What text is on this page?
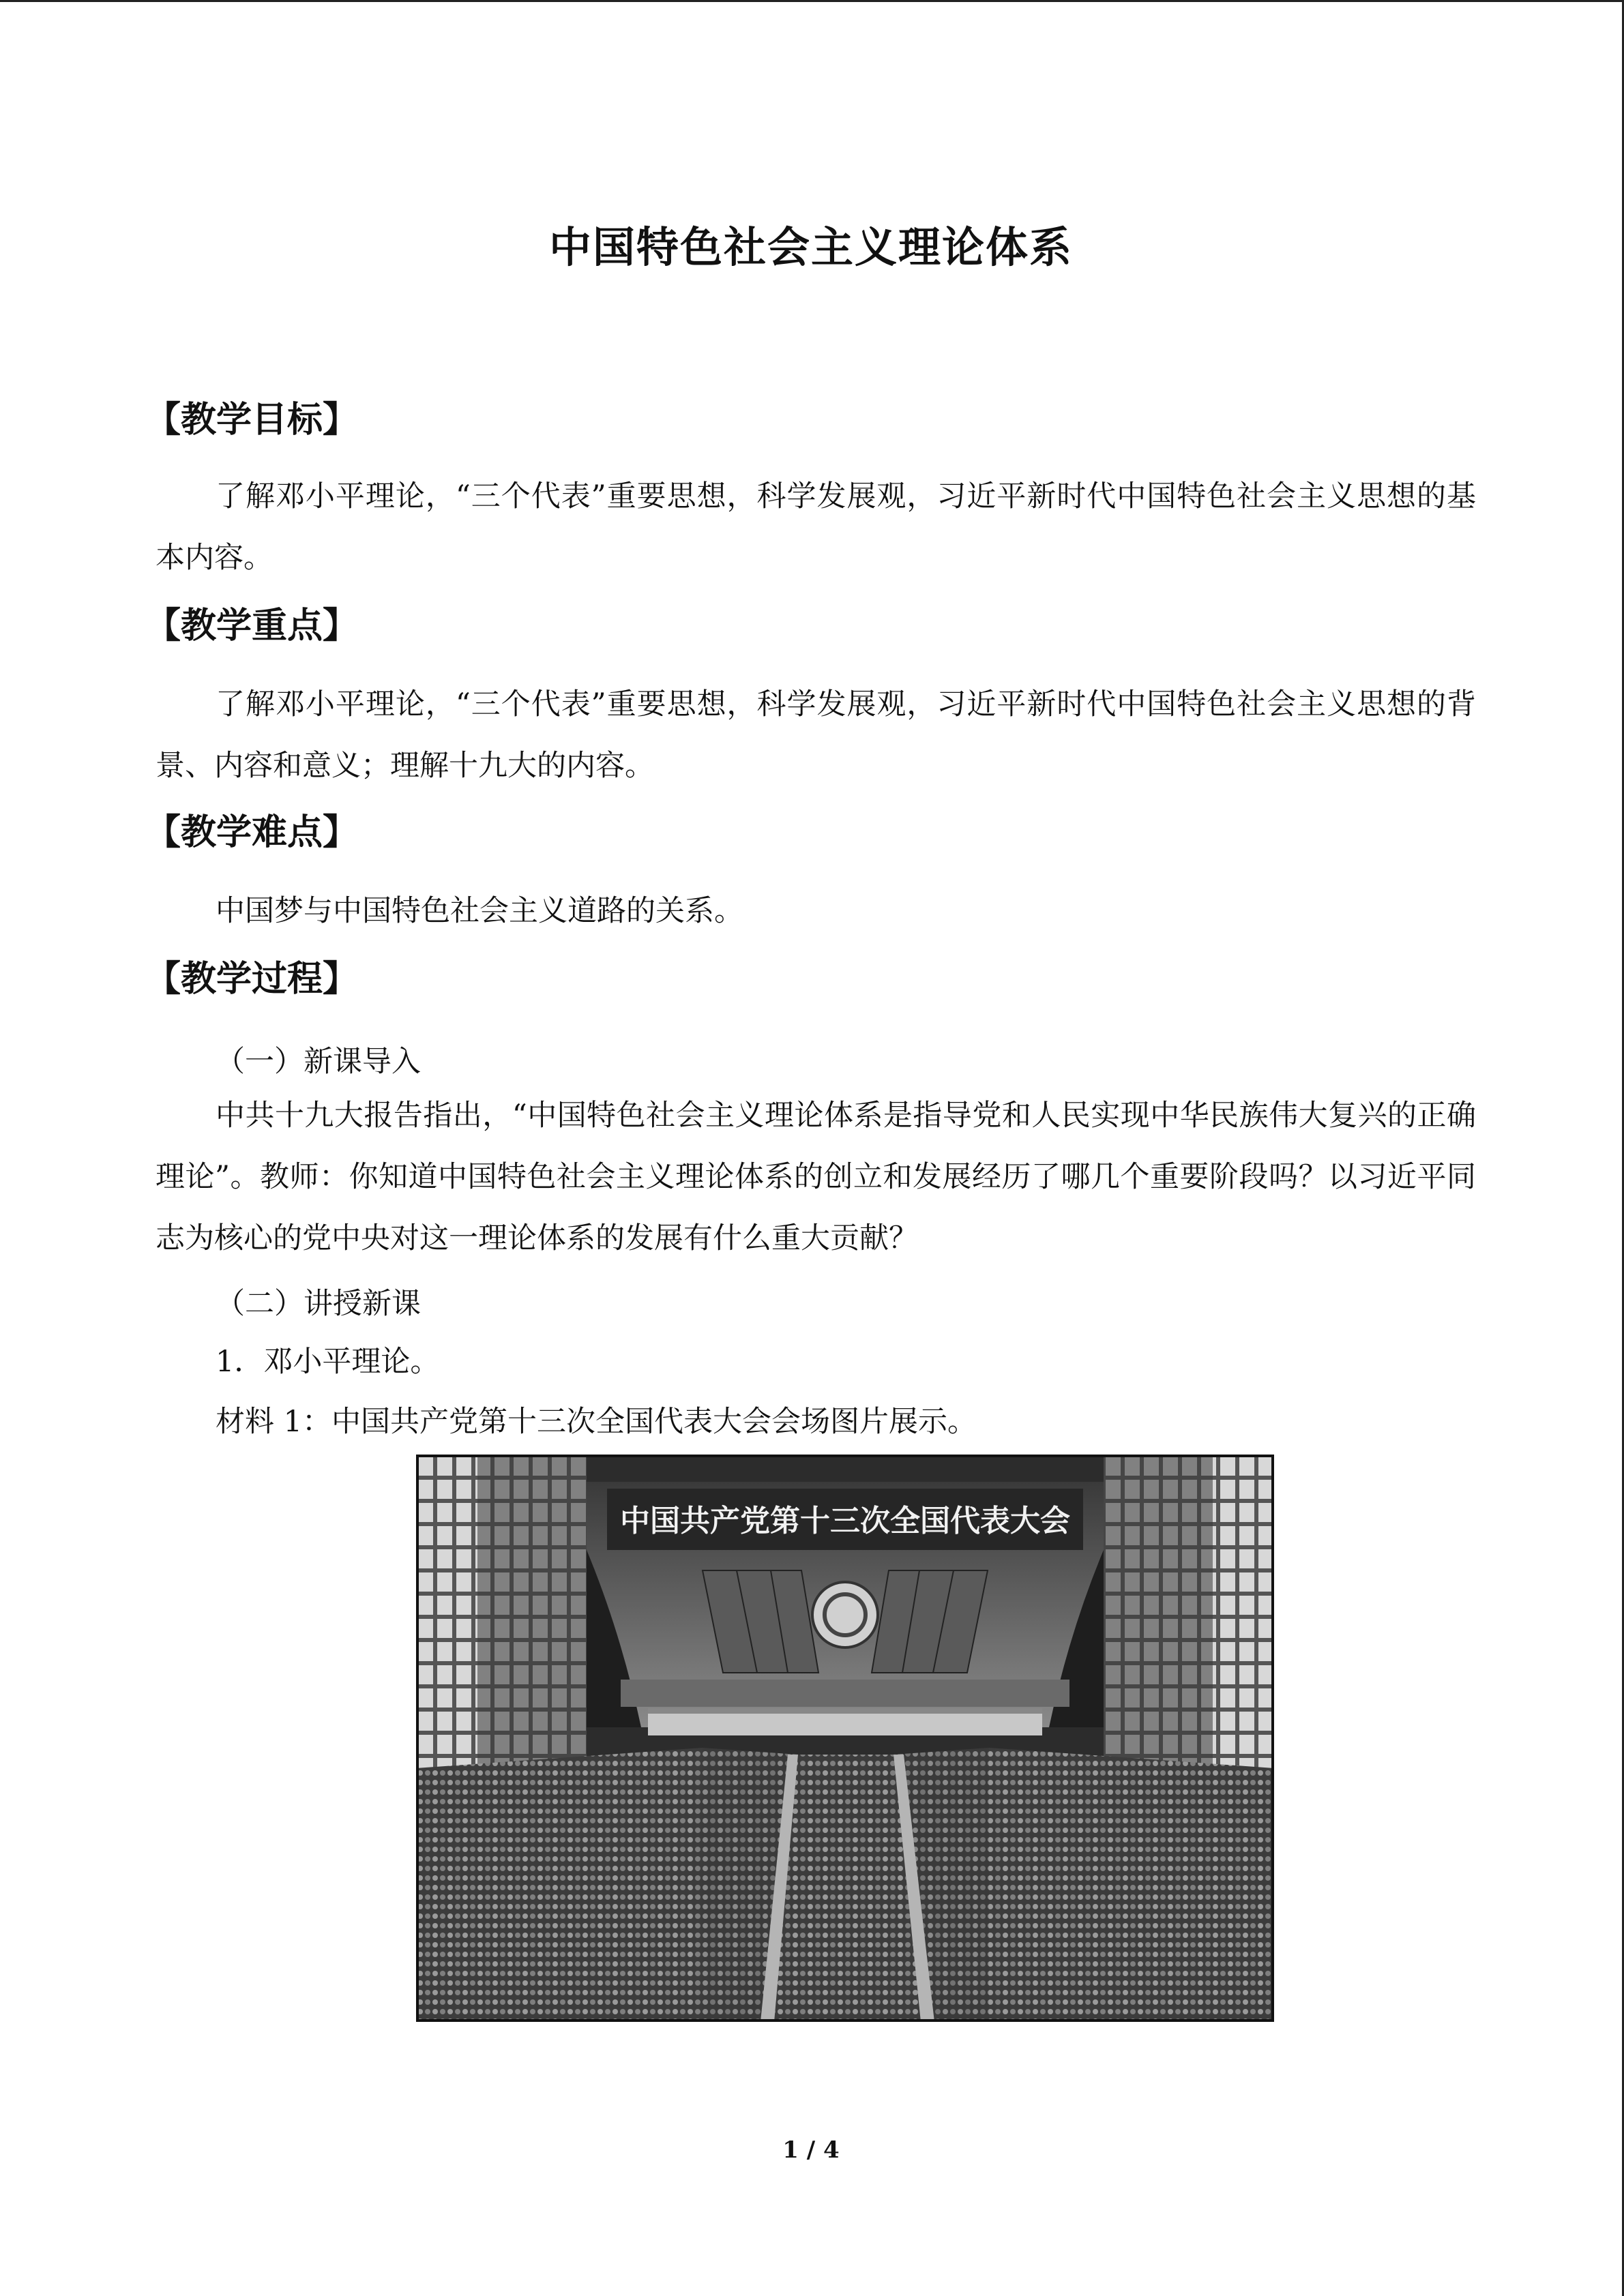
中国特色社会主义理论体系
【教学目标】
了解邓小平理论，“三个代表”重要思想，科学发展观，习近平新时代中国特色社会主义思想的基本内容。
【教学重点】
了解邓小平理论，“三个代表”重要思想，科学发展观，习近平新时代中国特色社会主义思想的背景、内容和意义；理解十九大的内容。
【教学难点】
中国梦与中国特色社会主义道路的关系。
【教学过程】
（一）新课导入
中共十九大报告指出，“中国特色社会主义理论体系是指导党和人民实现中华民族伟大复兴的正确理论”。教师：你知道中国特色社会主义理论体系的创立和发展经历了哪几个重要阶段吗？以习近平同志为核心的党中央对这一理论体系的发展有什么重大贡献？
（二）讲授新课
1．邓小平理论。
材料 1：中国共产党第十三次全国代表大会会场图片展示。
中国共产党第十三次全国代表大会
1 / 4
